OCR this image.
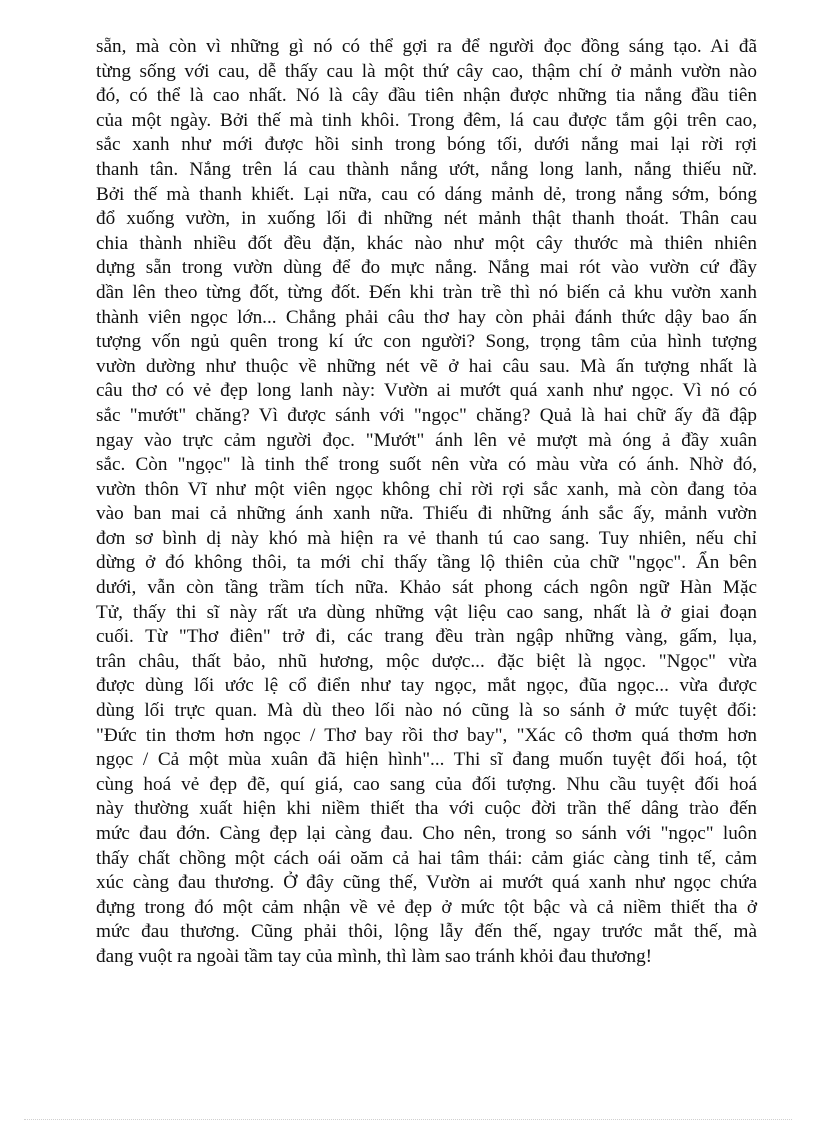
sẵn, mà còn vì những gì nó có thể gợi ra để người đọc đồng sáng tạo. Ai đã
từng sống với cau, dễ thấy cau là một thứ cây cao, thậm chí ở mảnh vườn nào
đó, có thể là cao nhất. Nó là cây đầu tiên nhận được những tia nắng đầu tiên
của một ngày. Bởi thế mà tinh khôi. Trong đêm, lá cau được tắm gội trên cao,
sắc xanh như mới được hồi sinh trong bóng tối, dưới nắng mai lại rời rợi
thanh tân. Nắng trên lá cau thành nắng ướt, nắng long lanh, nắng thiếu nữ.
Bởi thế mà thanh khiết. Lại nữa, cau có dáng mảnh dẻ, trong nắng sớm, bóng
đổ xuống vườn, in xuống lối đi những nét mảnh thật thanh thoát. Thân cau
chia thành nhiều đốt đều đặn, khác nào như một cây thước mà thiên nhiên
dựng sẵn trong vườn dùng để đo mực nắng. Nắng mai rót vào vườn cứ đầy
dần lên theo từng đốt, từng đốt. Đến khi tràn trề thì nó biến cả khu vườn xanh
thành viên ngọc lớn... Chẳng phải câu thơ hay còn phải đánh thức dậy bao ấn
tượng vốn ngủ quên trong kí ức con người? Song, trọng tâm của hình tượng
vườn dường như thuộc về những nét vẽ ở hai câu sau. Mà ấn tượng nhất là
câu thơ có vẻ đẹp long lanh này: Vườn ai mướt quá xanh như ngọc. Vì nó có
sắc "mướt" chăng? Vì được sánh với "ngọc" chăng? Quả là hai chữ ấy đã đập
ngay vào trực cảm người đọc. "Mướt" ánh lên vẻ mượt mà óng ả đầy xuân
sắc. Còn "ngọc" là tinh thể trong suốt nên vừa có màu vừa có ánh. Nhờ đó,
vườn thôn Vĩ như một viên ngọc không chỉ rời rợi sắc xanh, mà còn đang tỏa
vào ban mai cả những ánh xanh nữa. Thiếu đi những ánh sắc ấy, mảnh vườn
đơn sơ bình dị này khó mà hiện ra vẻ thanh tú cao sang. Tuy nhiên, nếu chỉ
dừng ở đó không thôi, ta mới chỉ thấy tầng lộ thiên của chữ "ngọc". Ẩn bên
dưới, vẫn còn tầng trầm tích nữa. Khảo sát phong cách ngôn ngữ Hàn Mặc
Tử, thấy thi sĩ này rất ưa dùng những vật liệu cao sang, nhất là ở giai đoạn
cuối. Từ "Thơ điên" trở đi, các trang đều tràn ngập những vàng, gấm, lụa,
trân châu, thất bảo, nhũ hương, mộc dược... đặc biệt là ngọc. "Ngọc" vừa
được dùng lối ước lệ cổ điển như tay ngọc, mắt ngọc, đũa ngọc... vừa được
dùng lối trực quan. Mà dù theo lối nào nó cũng là so sánh ở mức tuyệt đối:
"Đức tin thơm hơn ngọc / Thơ bay rồi thơ bay", "Xác cô thơm quá thơm hơn
ngọc / Cả một mùa xuân đã hiện hình"... Thi sĩ đang muốn tuyệt đối hoá, tột
cùng hoá vẻ đẹp đẽ, quí giá, cao sang của đối tượng. Nhu cầu tuyệt đối hoá
này thường xuất hiện khi niềm thiết tha với cuộc đời trần thế dâng trào đến
mức đau đớn. Càng đẹp lại càng đau. Cho nên, trong so sánh với "ngọc" luôn
thấy chất chồng một cách oái oăm cả hai tâm thái: cảm giác càng tinh tế, cảm
xúc càng đau thương. Ở đây cũng thế, Vườn ai mướt quá xanh như ngọc chứa
đựng trong đó một cảm nhận về vẻ đẹp ở mức tột bậc và cả niềm thiết tha ở
mức đau thương. Cũng phải thôi, lộng lẫy đến thế, ngay trước mắt thế, mà
đang vuột ra ngoài tầm tay của mình, thì làm sao tránh khỏi đau thương!
